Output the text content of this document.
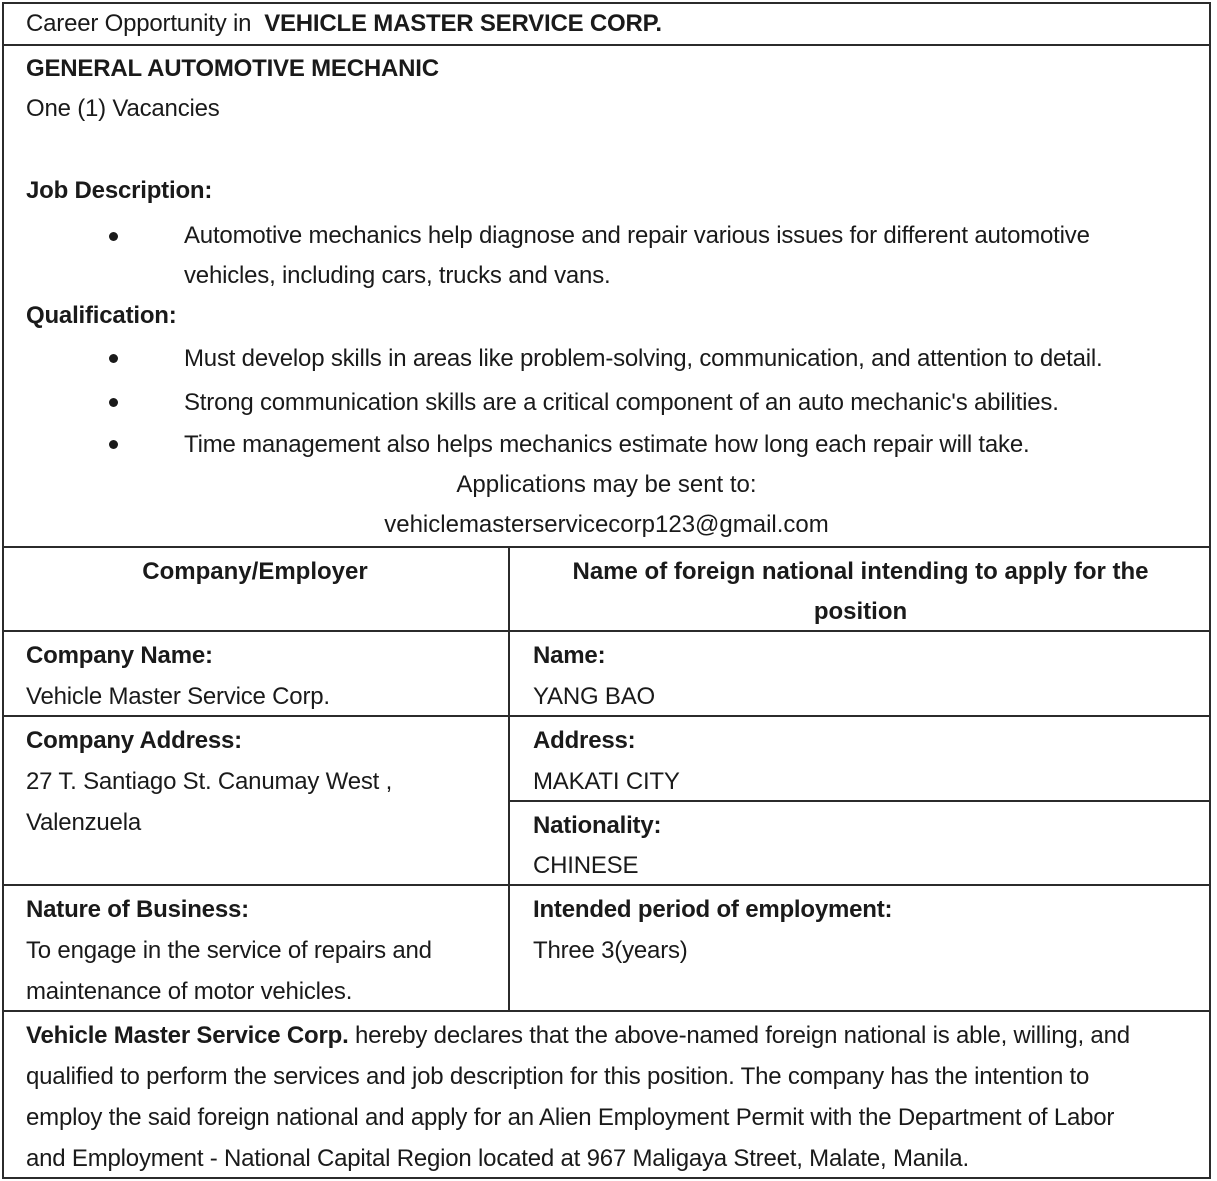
Career Opportunity in VEHICLE MASTER SERVICE CORP.
GENERAL AUTOMOTIVE MECHANIC
One (1) Vacancies
Job Description:
Automotive mechanics help diagnose and repair various issues for different automotive
vehicles, including cars, trucks and vans.
Qualification:
Must develop skills in areas like problem-solving, communication, and attention to detail.
Strong communication skills are a critical component of an auto mechanic's abilities.
Time management also helps mechanics estimate how long each repair will take.
Applications may be sent to:
vehiclemasterservicecorp123@gmail.com
Company/Employer	Name of foreign national intending to apply for the
position
Company Name:
Vehicle Master Service Corp.
Company Address:
27 T. Santiago St. Canumay West ,
Valenzuela
Nature of Business:
To engage in the service of repairs and
maintenance of motor vehicles.
Name:
YANG BAO
Address:
MAKATI CITY
Nationality:
CHINESE
Intended period of employment:
Three 3(years)
Vehicle Master Service Corp. hereby declares that the above-named foreign national is able, willing, and
qualified to perform the services and job description for this position. The company has the intention to
employ the said foreign national and apply for an Alien Employment Permit with the Department of Labor
and Employment - National Capital Region located at 967 Maligaya Street, Malate, Manila.
